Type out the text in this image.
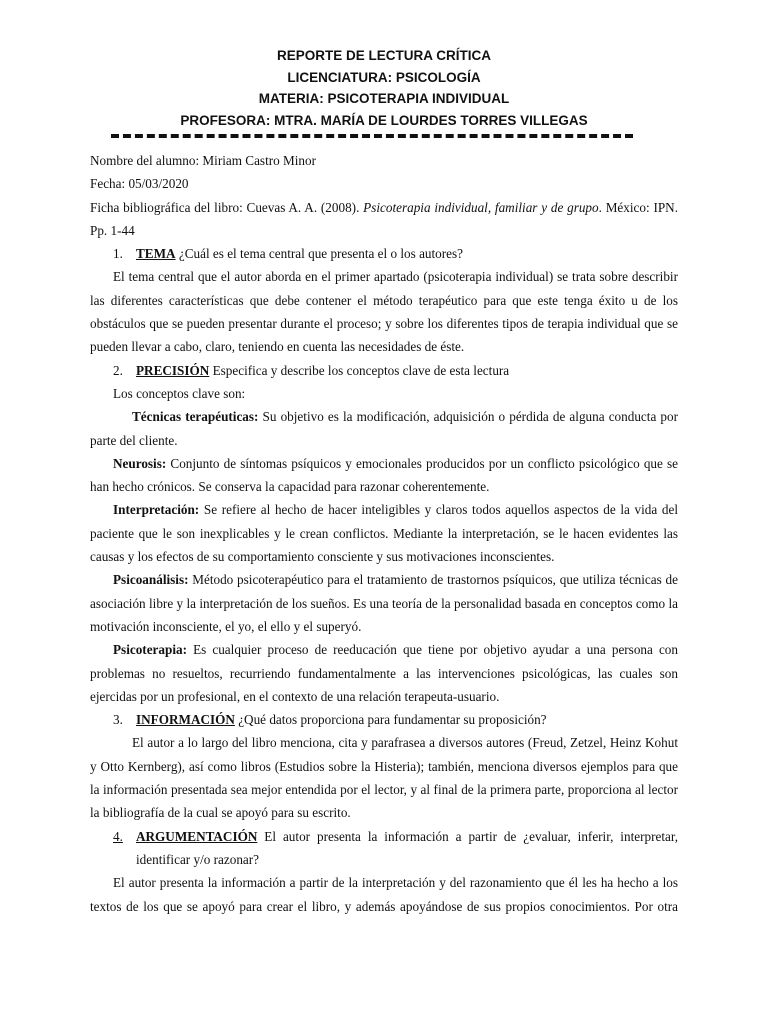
REPORTE DE LECTURA CRÍTICA
LICENCIATURA: PSICOLOGÍA
MATERIA: PSICOTERAPIA INDIVIDUAL
PROFESORA: MTRA. MARÍA DE LOURDES TORRES VILLEGAS

Nombre del alumno: Miriam Castro Minor

Fecha: 05/03/2020

Ficha bibliográfica del libro: Cuevas A. A. (2008). Psicoterapia individual, familiar y de grupo. México: IPN. Pp. 1-44

1. TEMA ¿Cuál es el tema central que presenta el o los autores?

El tema central que el autor aborda en el primer apartado (psicoterapia individual) se trata sobre describir las diferentes características que debe contener el método terapéutico para que este tenga éxito u de los obstáculos que se pueden presentar durante el proceso; y sobre los diferentes tipos de terapia individual que se pueden llevar a cabo, claro, teniendo en cuenta las necesidades de éste.

2. PRECISIÓN Especifica y describe los conceptos clave de esta lectura

Los conceptos clave son:

Técnicas terapéuticas: Su objetivo es la modificación, adquisición o pérdida de alguna conducta por parte del cliente.

Neurosis: Conjunto de síntomas psíquicos y emocionales producidos por un conflicto psicológico que se han hecho crónicos. Se conserva la capacidad para razonar coherentemente.

Interpretación: Se refiere al hecho de hacer inteligibles y claros todos aquellos aspectos de la vida del paciente que le son inexplicables y le crean conflictos. Mediante la interpretación, se le hacen evidentes las causas y los efectos de su comportamiento consciente y sus motivaciones inconscientes.

Psicoanálisis: Método psicoterapéutico para el tratamiento de trastornos psíquicos, que utiliza técnicas de asociación libre y la interpretación de los sueños. Es una teoría de la personalidad basada en conceptos como la motivación inconsciente, el yo, el ello y el superyó.

Psicoterapia: Es cualquier proceso de reeducación que tiene por objetivo ayudar a una persona con problemas no resueltos, recurriendo fundamentalmente a las intervenciones psicológicas, las cuales son ejercidas por un profesional, en el contexto de una relación terapeuta-usuario.

3. INFORMACIÓN ¿Qué datos proporciona para fundamentar su proposición?

El autor a lo largo del libro menciona, cita y parafrasea a diversos autores (Freud, Zetzel, Heinz Kohut y Otto Kernberg), así como libros (Estudios sobre la Histeria); también, menciona diversos ejemplos para que la información presentada sea mejor entendida por el lector, y al final de la primera parte, proporciona al lector la bibliografía de la cual se apoyó para su escrito.

4. ARGUMENTACIÓN El autor presenta la información a partir de ¿evaluar, inferir, interpretar, identificar y/o razonar?

El autor presenta la información a partir de la interpretación y del razonamiento que él les ha hecho a los textos de los que se apoyó para crear el libro, y además apoyándose de sus propios conocimientos. Por otra
